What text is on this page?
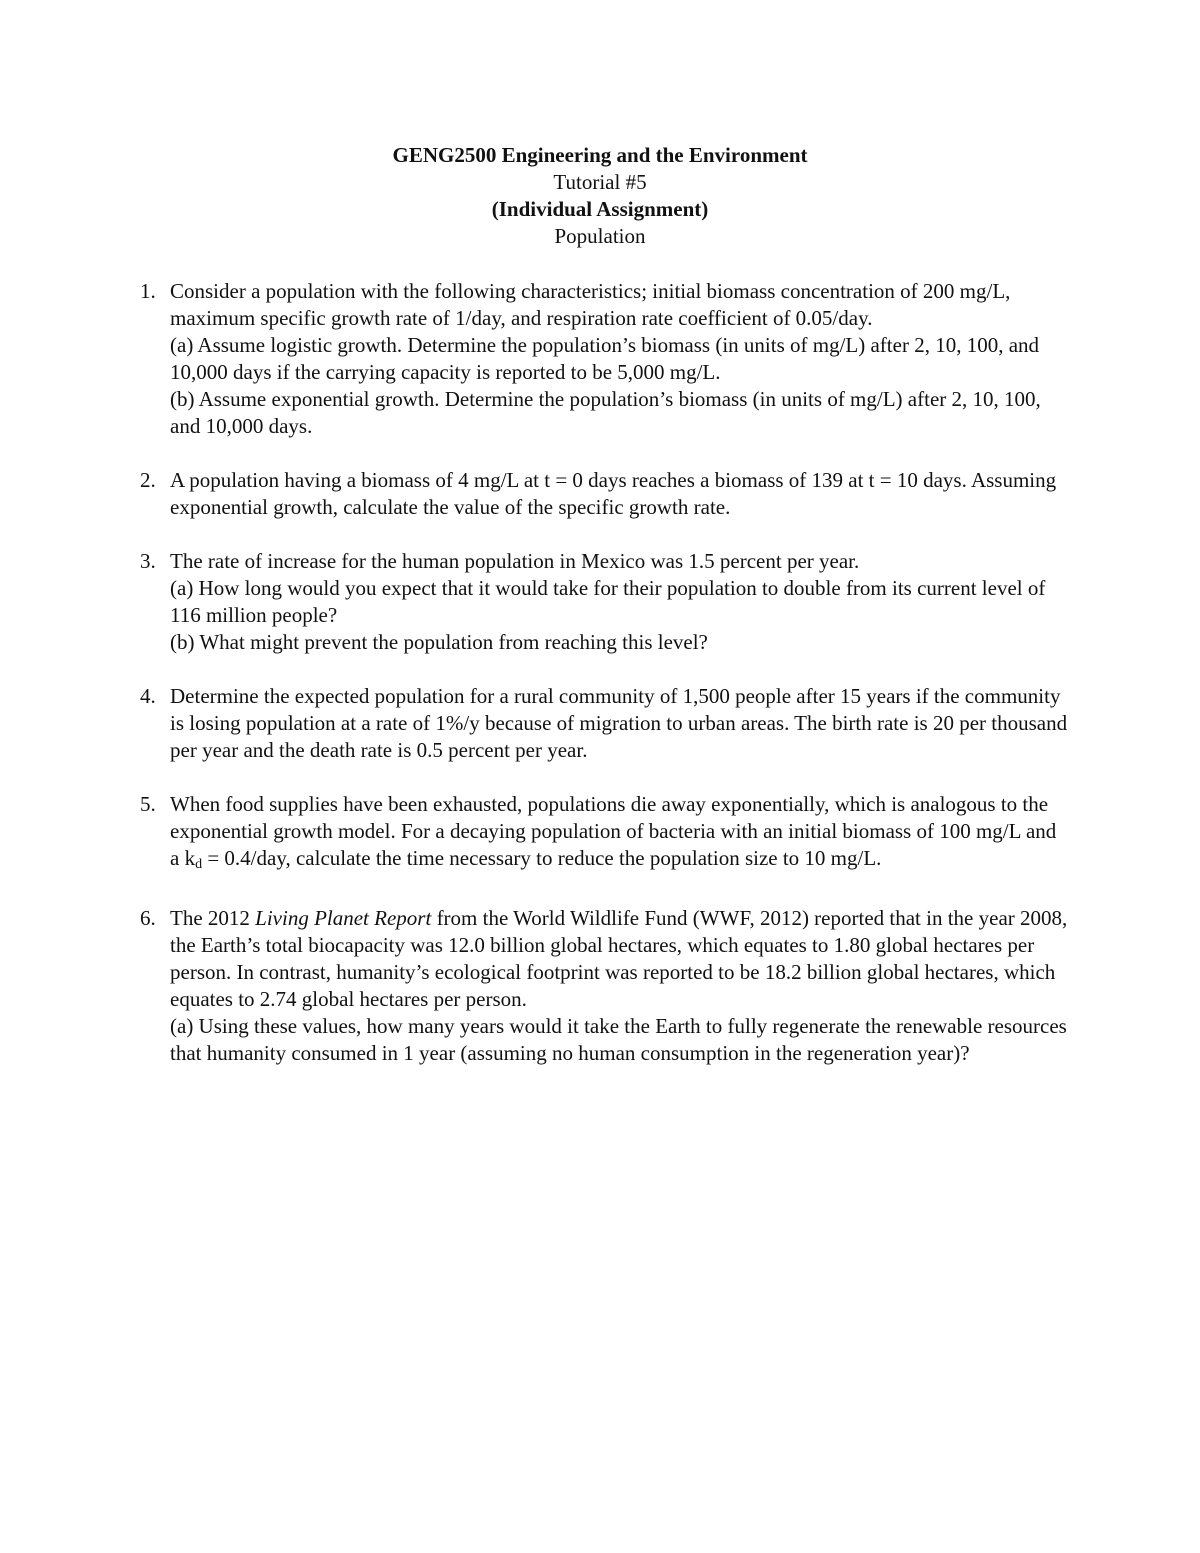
GENG2500 Engineering and the Environment
Tutorial #5
(Individual Assignment)
Population
1. Consider a population with the following characteristics; initial biomass concentration of 200 mg/L, maximum specific growth rate of 1/day, and respiration rate coefficient of 0.05/day.

(a) Assume logistic growth. Determine the population’s biomass (in units of mg/L) after 2, 10, 100, and 10,000 days if the carrying capacity is reported to be 5,000 mg/L.

(b) Assume exponential growth. Determine the population’s biomass (in units of mg/L) after 2, 10, 100, and 10,000 days.

2. A population having a biomass of 4 mg/L at t = 0 days reaches a biomass of 139 at t = 10 days. Assuming exponential growth, calculate the value of the specific growth rate.

3. The rate of increase for the human population in Mexico was 1.5 percent per year.

(a) How long would you expect that it would take for their population to double from its current level of 116 million people?

(b) What might prevent the population from reaching this level?

4. Determine the expected population for a rural community of 1,500 people after 15 years if the community is losing population at a rate of 1%/y because of migration to urban areas. The birth rate is 20 per thousand per year and the death rate is 0.5 percent per year.

5. When food supplies have been exhausted, populations die away exponentially, which is analogous to the exponential growth model. For a decaying population of bacteria with an initial biomass of 100 mg/L and a $k_d = 0.4/day$, calculate the time necessary to reduce the population size to 10 mg/L.

6. The 2012 Living Planet Report from the World Wildlife Fund (WWF, 2012) reported that in the year 2008, the Earth’s total biocapacity was 12.0 billion global hectares, which equates to 1.80 global hectares per person. In contrast, humanity’s ecological footprint was reported to be 18.2 billion global hectares, which equates to 2.74 global hectares per person.

(a) Using these values, how many years would it take the Earth to fully regenerate the renewable resources that humanity consumed in 1 year (assuming no human consumption in the regeneration year)?
